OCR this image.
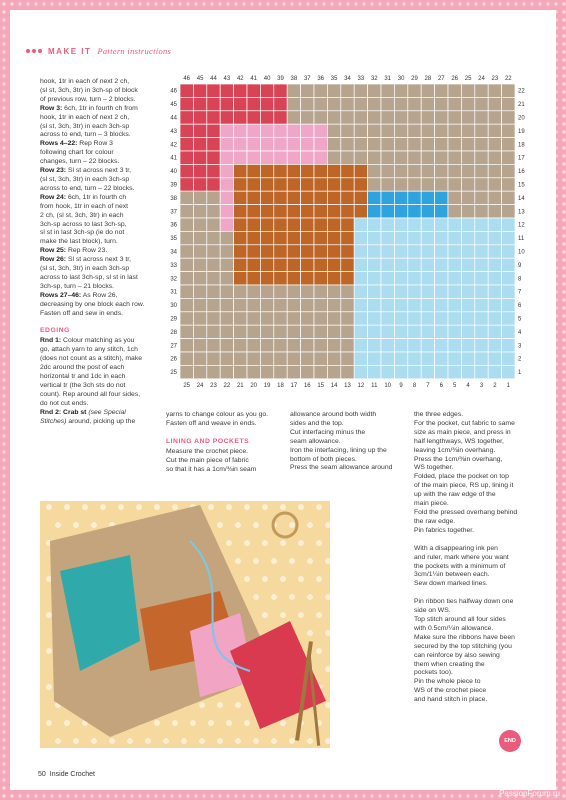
MAKE IT Pattern instructions

hook, 1tr in each of next 2 ch,

(sl st, 3ch, 3tr) in 3ch-sp of block

of previous row, turn – 2 blocks.

Row 3: 6ch, 1tr in fourth ch from

hook, 1tr in each of next 2 ch,

(sl st, 3ch, 3tr) in each 3ch-sp

across to end, turn – 3 blocks.

Rows 4–22: Rep Row 3

following chart for colour

changes, turn – 22 blocks.

Row 23: Sl st across next 3 tr,

(sl st, 3ch, 3tr) in each 3ch-sp

across to end, turn – 22 blocks.

Row 24: 6ch, 1tr in fourth ch

from hook, 1tr in each of next

2 ch, (sl st, 3ch, 3tr) in each

3ch-sp across to last 3ch-sp,

sl st in last 3ch-sp (ie do not

make the last block), turn.

Row 25: Rep Row 23.

Row 26: Sl st across next 3 tr,

(sl st, 3ch, 3tr) in each 3ch-sp

across to last 3ch-sp, sl st in last

3ch-sp, turn – 21 blocks.

Rows 27–46: As Row 26,

decreasing by one block each row.

Fasten off and sew in ends.

EDGING

Rnd 1: Colour matching as you

go, attach yarn to any stitch, 1ch

(does not count as a stitch), make

2dc around the post of each

horizontal tr and 1dc in each

vertical tr (the 3ch sts do not

count). Rep around all four sides,

do not cut ends.

Rnd 2: Crab st (see Special

Stitches) around, picking up the

46 45 44 43 42 41 40 39 38 37 36 35 34 33 32 31 30 29 28 27 26 25 24 23 22
25 24 23 22 21 20 19 18 17 16 15 14 13 12 11 10 9 8 7 6 5 4 3 2 1
46
45
44
43
42
41
40
39
38
37
36
35
34
33
32
31
30
29
28
27
26
25
22
21
20
19
18
17
16
15
14
13
12
11
10
9
8
7
6
5
4
3
2
1

yarns to change colour as you go.

Fasten off and weave in ends.

LINING AND POCKETS

Measure the crochet piece.

Cut the main piece of fabric

so that it has a 1cm/⅜in seam

allowance around both width

sides and the top.

Cut interfacing minus the

seam allowance.

Iron the interfacing, lining up the

bottom of both pieces.

Press the seam allowance around

the three edges.

For the pocket, cut fabric to same

size as main piece, and press in

half lengthways, WS together,

leaving 1cm/⅜in overhang.

Press the 1cm/⅜in overhang,

WS together.

Folded, place the pocket on top

of the main piece, RS up, lining it

up with the raw edge of the

main piece.

Fold the pressed overhang behind

the raw edge.

Pin fabrics together.

With a disappearing ink pen

and ruler, mark where you want

the pockets with a minimum of

3cm/1¼in between each.

Sew down marked lines.

Pin ribbon ties halfway down one

side on WS.

Top stitch around all four sides

with 0.5cm/¼in allowance.

Make sure the ribbons have been

secured by the top stitching (you

can reinforce by also sewing

them when creating the

pockets too).

Pin the whole piece to

WS of the crochet piece

and hand stitch in place.

END
50 Inside Crochet
PassionForum.ru
